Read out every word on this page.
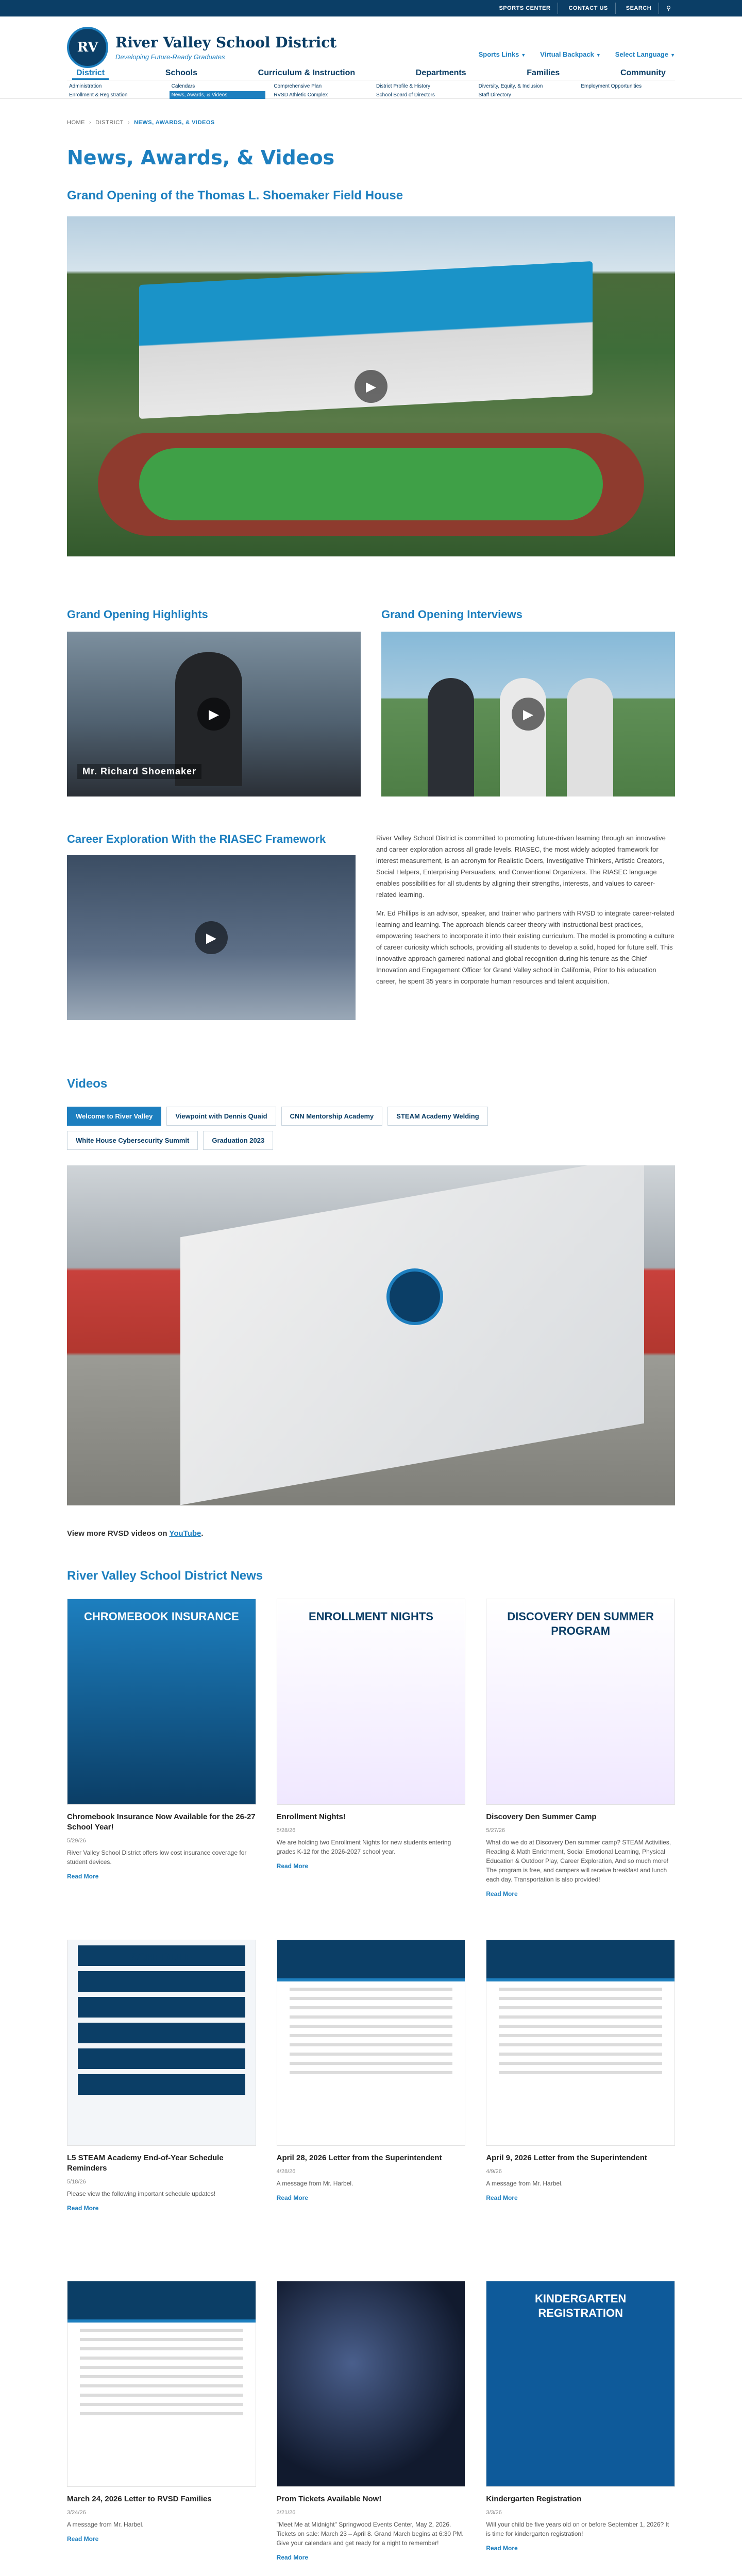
SPORTS CENTER	CONTACT US	SEARCH	⚲
RV	River Valley School District
Developing Future-Ready Graduates	Sports Links ▼ Virtual Backpack ▼ Select Language ▼
District	Schools	Curriculum & Instruction	Departments	Families	Community
Administration	Calendars	Comprehensive Plan	District Profile & History	Diversity, Equity, & Inclusion	Employment Opportunities
Enrollment & Registration	News, Awards, & Videos	RVSD Athletic Complex	School Board of Directors	Staff Directory
HOME › DISTRICT › NEWS, AWARDS, & VIDEOS
News, Awards, & Videos
Grand Opening of the Thomas L. Shoemaker Field House
▶
Grand Opening Highlights
Mr. Richard Shoemaker
▶
Grand Opening Interviews
▶
Career Exploration With the RIASEC Framework
▶

River Valley School District is committed to promoting future-driven learning through an innovative and career exploration across all grade levels. RIASEC, the most widely adopted framework for interest measurement, is an acronym for Realistic Doers, Investigative Thinkers, Artistic Creators, Social Helpers, Enterprising Persuaders, and Conventional Organizers. The RIASEC language enables possibilities for all students by aligning their strengths, interests, and values to career-related learning.

Mr. Ed Phillips is an advisor, speaker, and trainer who partners with RVSD to integrate career-related learning and learning. The approach blends career theory with instructional best practices, empowering teachers to incorporate it into their existing curriculum. The model is promoting a culture of career curiosity which schools, providing all students to develop a solid, hoped for future self. This innovative approach garnered national and global recognition during his tenure as the Chief Innovation and Engagement Officer for Grand Valley school in California, Prior to his education career, he spent 35 years in corporate human resources and talent acquisition.

Videos
Welcome to River Valley	Viewpoint with Dennis Quaid	CNN Mentorship Academy	STEAM Academy Welding
White House Cybersecurity Summit	Graduation 2023
View more RVSD videos on YouTube.
River Valley School District News
CHROMEBOOK INSURANCE
Chromebook Insurance Now Available for the 26-27 School Year!
5/29/26
River Valley School District offers low cost insurance coverage for student devices.
Read More
ENROLLMENT NIGHTS
Enrollment Nights!
5/28/26
We are holding two Enrollment Nights for new students entering grades K-12 for the 2026-2027 school year.
Read More
DISCOVERY DEN SUMMER PROGRAM
Discovery Den Summer Camp
5/27/26
What do we do at Discovery Den summer camp? STEAM Activities, Reading & Math Enrichment, Social Emotional Learning, Physical Education & Outdoor Play, Career Exploration, And so much more! The program is free, and campers will receive breakfast and lunch each day. Transportation is also provided!
Read More
SCHEDULE
L5 STEAM Academy End-of-Year Schedule Reminders
5/18/26
Please view the following important schedule updates!
Read More
April 28, 2026 Letter from the Superintendent
4/28/26
A message from Mr. Harbel.
Read More
April 9, 2026 Letter from the Superintendent
4/9/26
A message from Mr. Harbel.
Read More
March 24, 2026 Letter to RVSD Families
3/24/26
A message from Mr. Harbel.
Read More
Prom Tickets Available Now!
3/21/26
"Meet Me at Midnight" Springwood Events Center, May 2, 2026. Tickets on sale: March 23 – April 8. Grand March begins at 6:30 PM. Give your calendars and get ready for a night to remember!
Read More
KINDERGARTEN REGISTRATION
Kindergarten Registration
3/3/26
Will your child be five years old on or before September 1, 2026? It is time for kindergarten registration!
Read More
